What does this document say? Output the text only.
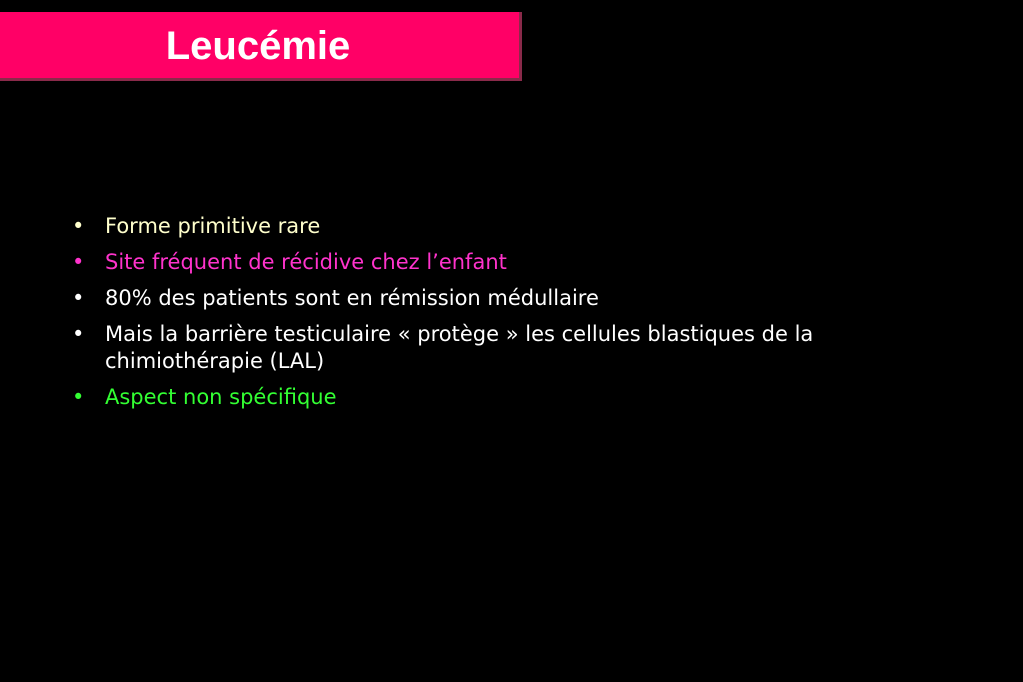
Leucémie
• Forme primitive rare
• Site fréquent de récidive chez l’enfant
• 80% des patients sont en rémission médullaire
• Mais la barrière testiculaire « protège » les cellules blastiques de la chimiothérapie (LAL)
• Aspect non spécifique
